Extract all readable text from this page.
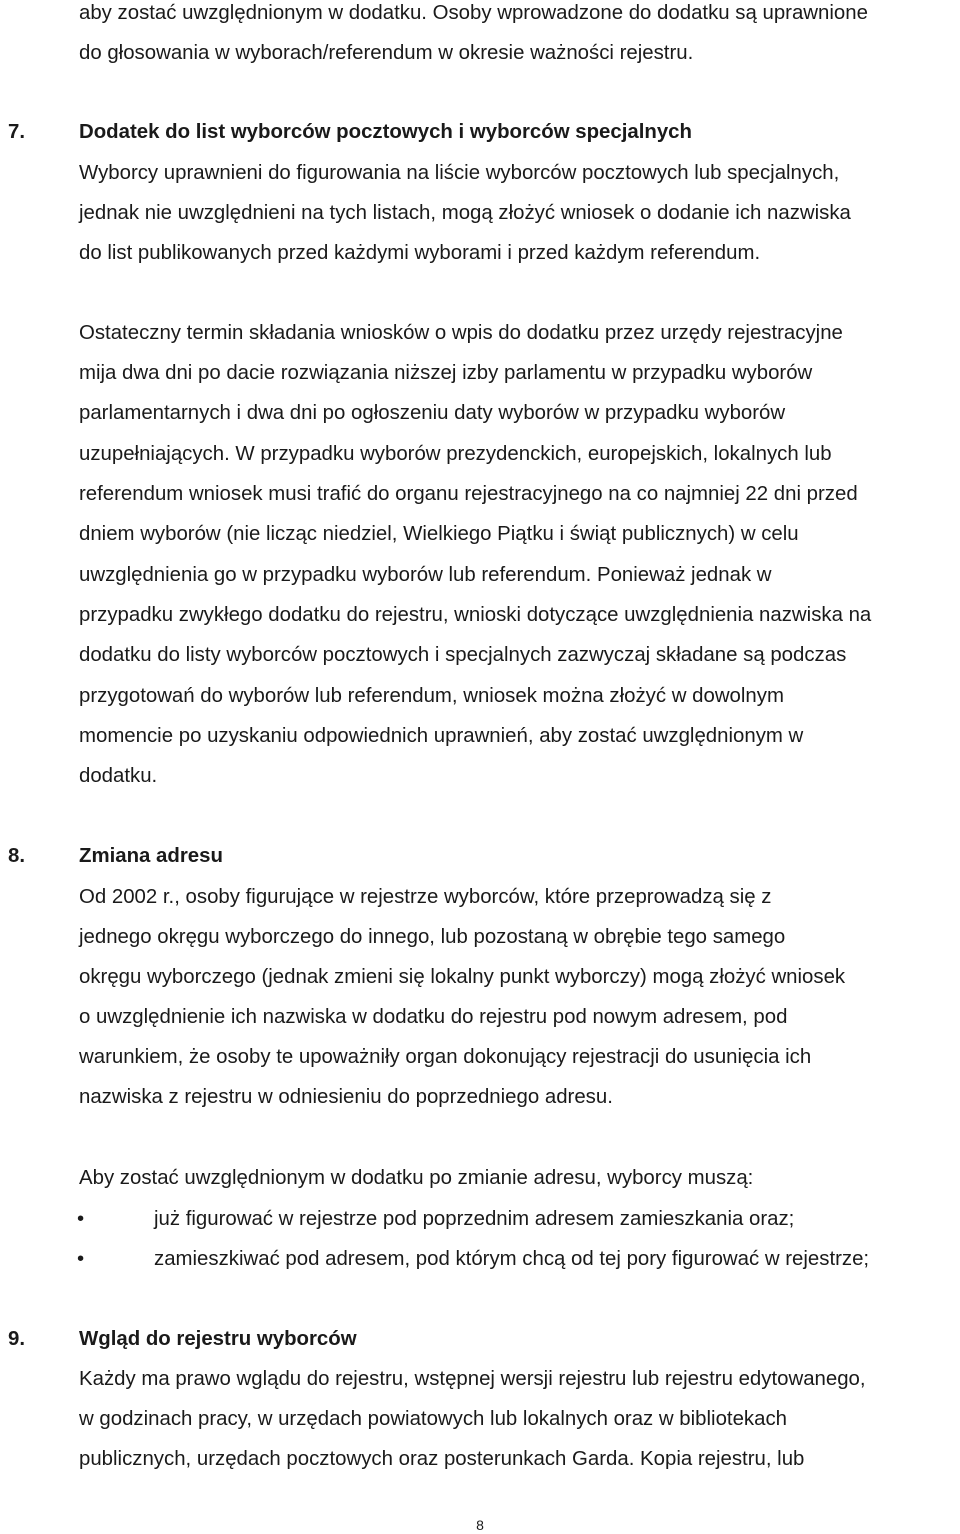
aby zostać uwzględnionym w dodatku. Osoby wprowadzone do dodatku są uprawnione

do głosowania w wyborach/referendum w okresie ważności rejestru.

7.	Dodatek do list wyborców pocztowych i wyborców specjalnych

Wyborcy uprawnieni do figurowania na liście wyborców pocztowych lub specjalnych,

jednak nie uwzględnieni na tych listach, mogą złożyć wniosek o dodanie ich nazwiska

do list publikowanych przed każdymi wyborami i przed każdym referendum.

Ostateczny termin składania wniosków o wpis do dodatku przez urzędy rejestracyjne

mija dwa dni po dacie rozwiązania niższej izby parlamentu w przypadku wyborów

parlamentarnych i dwa dni po ogłoszeniu daty wyborów w przypadku wyborów

uzupełniających. W przypadku wyborów prezydenckich, europejskich, lokalnych lub

referendum wniosek musi trafić do organu rejestracyjnego na co najmniej 22 dni przed

dniem wyborów (nie licząc niedziel, Wielkiego Piątku i świąt publicznych) w celu

uwzględnienia go w przypadku wyborów lub referendum. Ponieważ jednak w

przypadku zwykłego dodatku do rejestru, wnioski dotyczące uwzględnienia nazwiska na

dodatku do listy wyborców pocztowych i specjalnych zazwyczaj składane są podczas

przygotowań do wyborów lub referendum, wniosek można złożyć w dowolnym

momencie po uzyskaniu odpowiednich uprawnień, aby zostać uwzględnionym w

dodatku.

8.	Zmiana adresu

Od 2002 r., osoby figurujące w rejestrze wyborców, które przeprowadzą się z

jednego okręgu wyborczego do innego, lub pozostaną w obrębie tego samego

okręgu wyborczego (jednak zmieni się lokalny punkt wyborczy) mogą złożyć wniosek

o uwzględnienie ich nazwiska w dodatku do rejestru pod nowym adresem, pod

warunkiem, że osoby te upoważniły organ dokonujący rejestracji do usunięcia ich

nazwiska z rejestru w odniesieniu do poprzedniego adresu.

Aby zostać uwzględnionym w dodatku po zmianie adresu, wyborcy muszą:

•	już figurować w rejestrze pod poprzednim adresem zamieszkania oraz;
•	zamieszkiwać pod adresem, pod którym chcą od tej pory figurować w rejestrze;
9.	Wgląd do rejestru wyborców

Każdy ma prawo wglądu do rejestru, wstępnej wersji rejestru lub rejestru edytowanego,

w godzinach pracy, w urzędach powiatowych lub lokalnych oraz w bibliotekach

publicznych, urzędach pocztowych oraz posterunkach Garda. Kopia rejestru, lub

8
